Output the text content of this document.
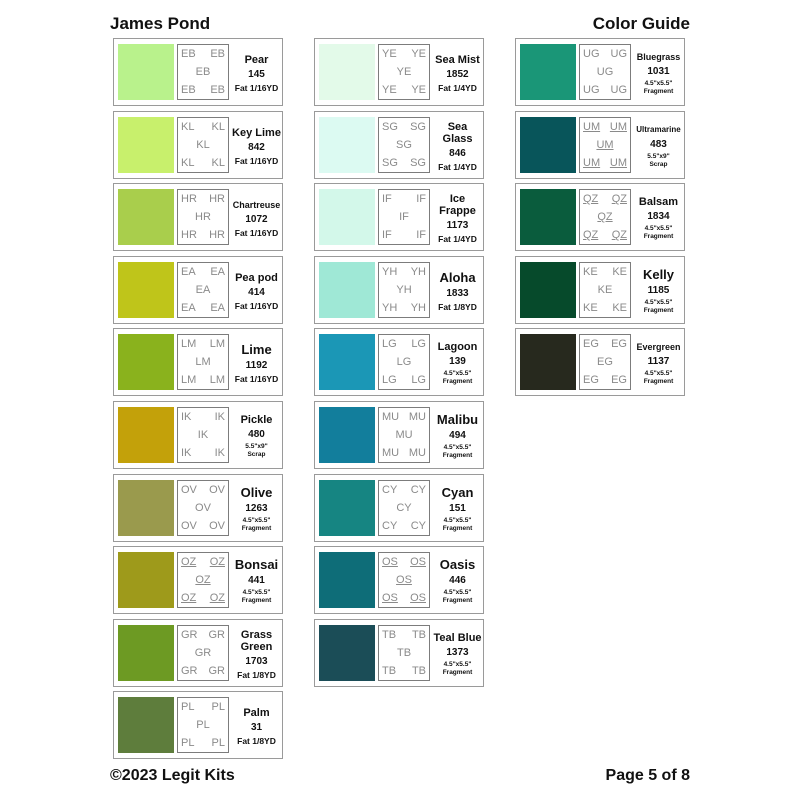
James Pond	Color Guide
EB EB
EB
EB EB
Pear
145
Fat 1/16YD
KL KL
KL
KL KL
Key Lime
842
Fat 1/16YD
HR HR
HR
HR HR
Chartreuse
1072
Fat 1/16YD
EA EA
EA
EA EA
Pea pod
414
Fat 1/16YD
LM LM
LM
LM LM
Lime
1192
Fat 1/16YD
IK IK
IK
IK IK
Pickle
480
5.5"x9"
Scrap
OV OV
OV
OV OV
Olive
1263
4.5"x5.5"
Fragment
OZ OZ
OZ
OZ OZ
Bonsai
441
4.5"x5.5"
Fragment
GR GR
GR
GR GR
Grass Green
1703
Fat 1/8YD
PL PL
PL
PL PL
Palm
31
Fat 1/8YD
YE YE
YE
YE YE
Sea Mist
1852
Fat 1/4YD
SG SG
SG
SG SG
Sea Glass
846
Fat 1/4YD
IF IF
IF
IF IF
Ice Frappe
1173
Fat 1/4YD
YH YH
YH
YH YH
Aloha
1833
Fat 1/8YD
LG LG
LG
LG LG
Lagoon
139
4.5"x5.5"
Fragment
MU MU
MU
MU MU
Malibu
494
4.5"x5.5"
Fragment
CY CY
CY
CY CY
Cyan
151
4.5"x5.5"
Fragment
OS OS
OS
OS OS
Oasis
446
4.5"x5.5"
Fragment
TB TB
TB
TB TB
Teal Blue
1373
4.5"x5.5"
Fragment
UG UG
UG
UG UG
Bluegrass
1031
4.5"x5.5"
Fragment
UM UM
UM
UM UM
Ultramarine
483
5.5"x9"
Scrap
QZ QZ
QZ
QZ QZ
Balsam
1834
4.5"x5.5"
Fragment
KE KE
KE
KE KE
Kelly
1185
4.5"x5.5"
Fragment
EG EG
EG
EG EG
Evergreen
1137
4.5"x5.5"
Fragment
©2023 Legit Kits	Page 5 of 8
